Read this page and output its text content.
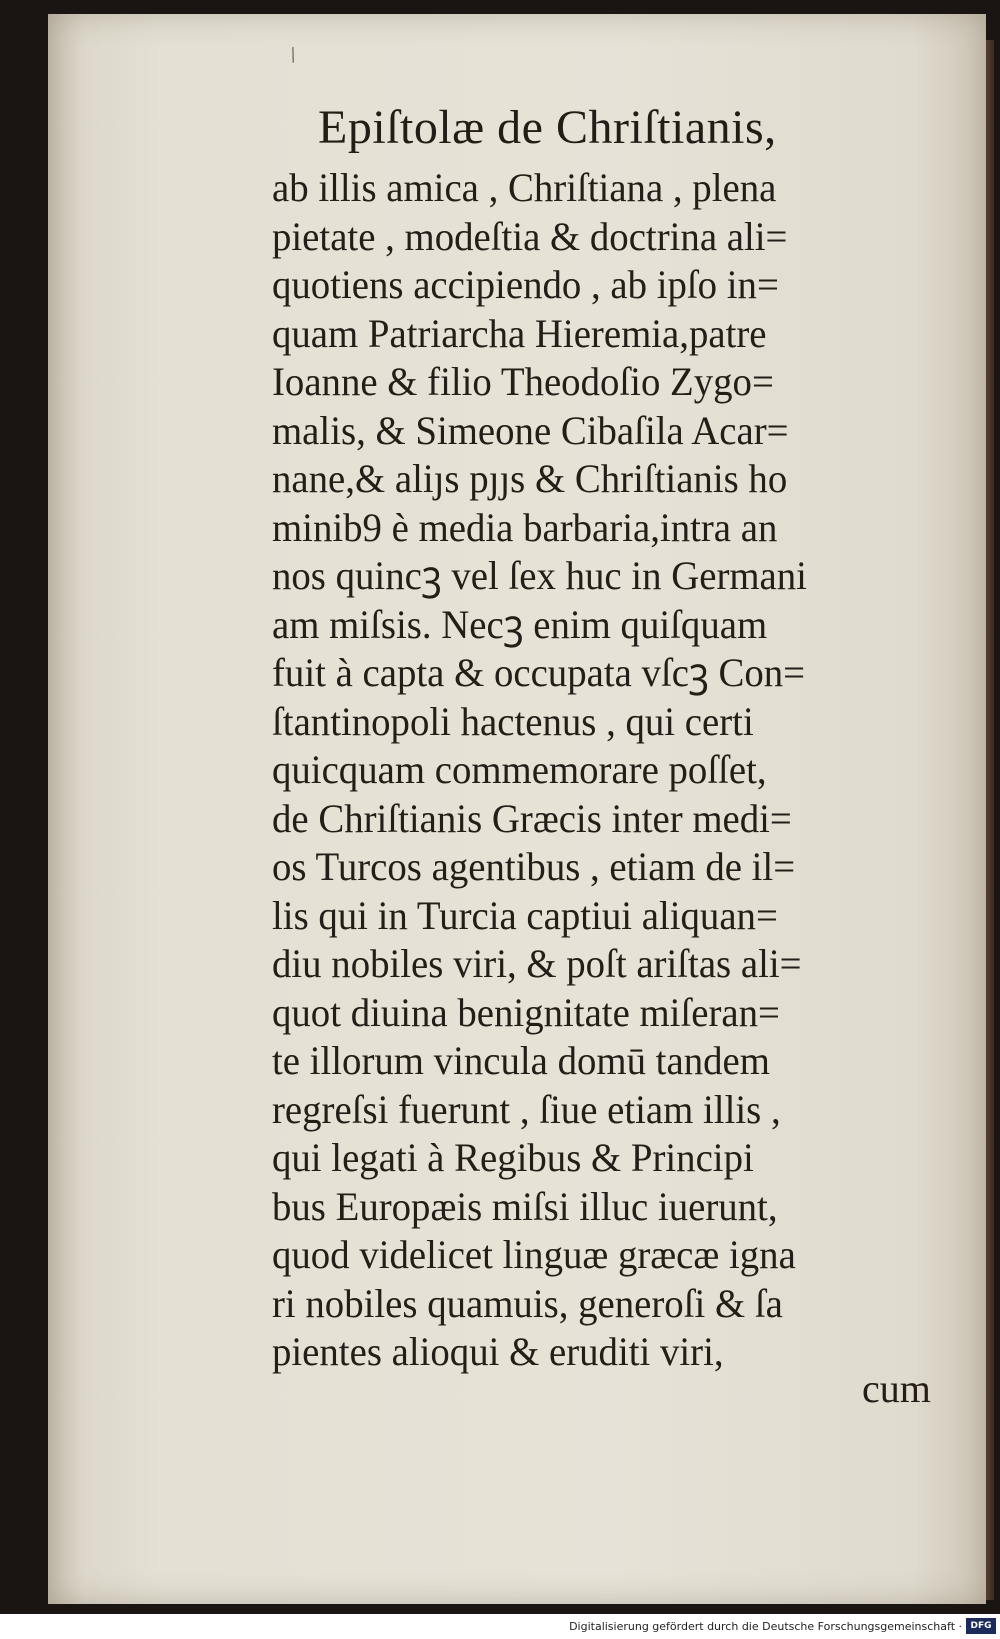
/
Epiſtolæ de Chriſtianis,
ab illis amica , Chriſtiana , plena
pietate , modeſtia & doctrina ali=
quotiens accipiendo , ab ipſo in=
quam Patriarcha Hieremia,patre
Ioanne & filio Theodoſio Zygo=
malis, & Simeone Cibaſila Acar=
nane,& aliȷs pȷȷs & Chriſtianis ho
minib9 è media barbaria,intra an
nos quincꝫ vel ſex huc in Germani
am miſsis. Necꝫ enim quiſquam
fuit à capta & occupata vſcꝫ Con=
ſtantinopoli hactenus , qui certi
quicquam commemorare poſſet,
de Chriſtianis Græcis inter medi=
os Turcos agentibus , etiam de il=
lis qui in Turcia captiui aliquan=
diu nobiles viri, & poſt ariſtas ali=
quot diuina benignitate miſeran=
te illorum vincula domū tandem
regreſsi fuerunt , ſiue etiam illis ,
qui legati à Regibus & Principi
bus Europæis miſsi illuc iuerunt,
quod videlicet linguæ græcæ igna
ri nobiles quamuis, generoſi & ſa
pientes alioqui & eruditi viri,
cum
Digitalisierung gefördert durch die Deutsche Forschungsgemeinschaft · DFG
